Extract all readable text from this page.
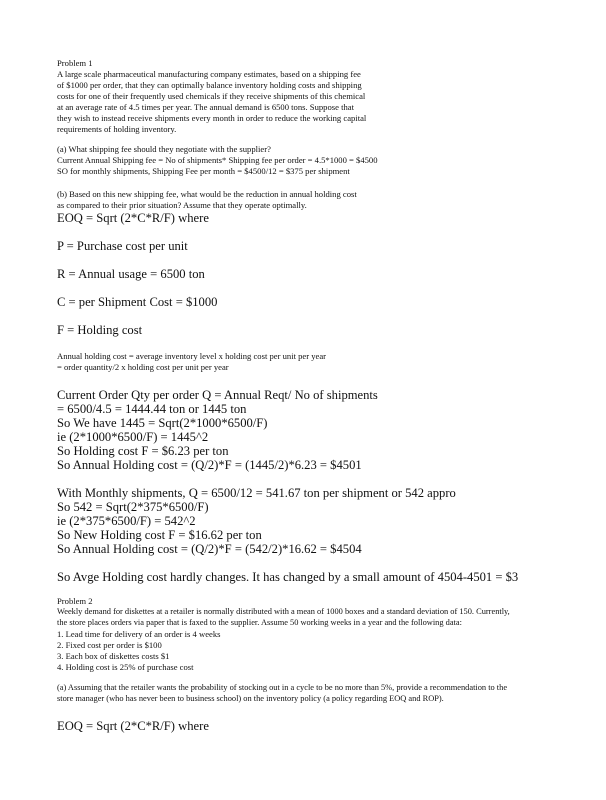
Problem 1
A large scale pharmaceutical manufacturing company estimates, based on a shipping fee
of $1000 per order, that they can optimally balance inventory holding costs and shipping
costs for one of their frequently used chemicals if they receive shipments of this chemical
at an average rate of 4.5 times per year. The annual demand is 6500 tons. Suppose that
they wish to instead receive shipments every month in order to reduce the working capital
requirements of holding inventory.
(a) What shipping fee should they negotiate with the supplier?
Current Annual Shipping fee = No of shipments* Shipping fee per order = 4.5*1000 = $4500
SO for monthly shipments, Shipping Fee per month = $4500/12 = $375 per shipment
(b) Based on this new shipping fee, what would be the reduction in annual holding cost
as compared to their prior situation? Assume that they operate optimally.
EOQ = Sqrt (2*C*R/F) where
P = Purchase cost per unit
R = Annual usage = 6500 ton
C = per Shipment Cost = $1000
F = Holding cost
Annual holding cost = average inventory level x holding cost per unit per year
= order quantity/2 x holding cost per unit per year
Current Order Qty per order Q = Annual Reqt/ No of shipments
= 6500/4.5 = 1444.44 ton or 1445 ton
So We have 1445 = Sqrt(2*1000*6500/F)
ie (2*1000*6500/F) = 1445^2
So Holding cost F = $6.23 per ton
So Annual Holding cost = (Q/2)*F = (1445/2)*6.23 = $4501
With Monthly shipments, Q = 6500/12 = 541.67 ton per shipment or 542 appro
So 542 = Sqrt(2*375*6500/F)
ie (2*375*6500/F) = 542^2
So New Holding cost F = $16.62 per ton
So Annual Holding cost = (Q/2)*F = (542/2)*16.62 = $4504
So Avge Holding cost hardly changes. It has changed by a small amount of 4504-4501 = $3
Problem 2
Weekly demand for diskettes at a retailer is normally distributed with a mean of 1000 boxes and a standard deviation of 150. Currently,
the store places orders via paper that is faxed to the supplier. Assume 50 working weeks in a year and the following data:
1. Lead time for delivery of an order is 4 weeks
2. Fixed cost per order is $100
3. Each box of diskettes costs $1
4. Holding cost is 25% of purchase cost
(a) Assuming that the retailer wants the probability of stocking out in a cycle to be no more than 5%, provide a recommendation to the
store manager (who has never been to business school) on the inventory policy (a policy regarding EOQ and ROP).
EOQ = Sqrt (2*C*R/F) where
